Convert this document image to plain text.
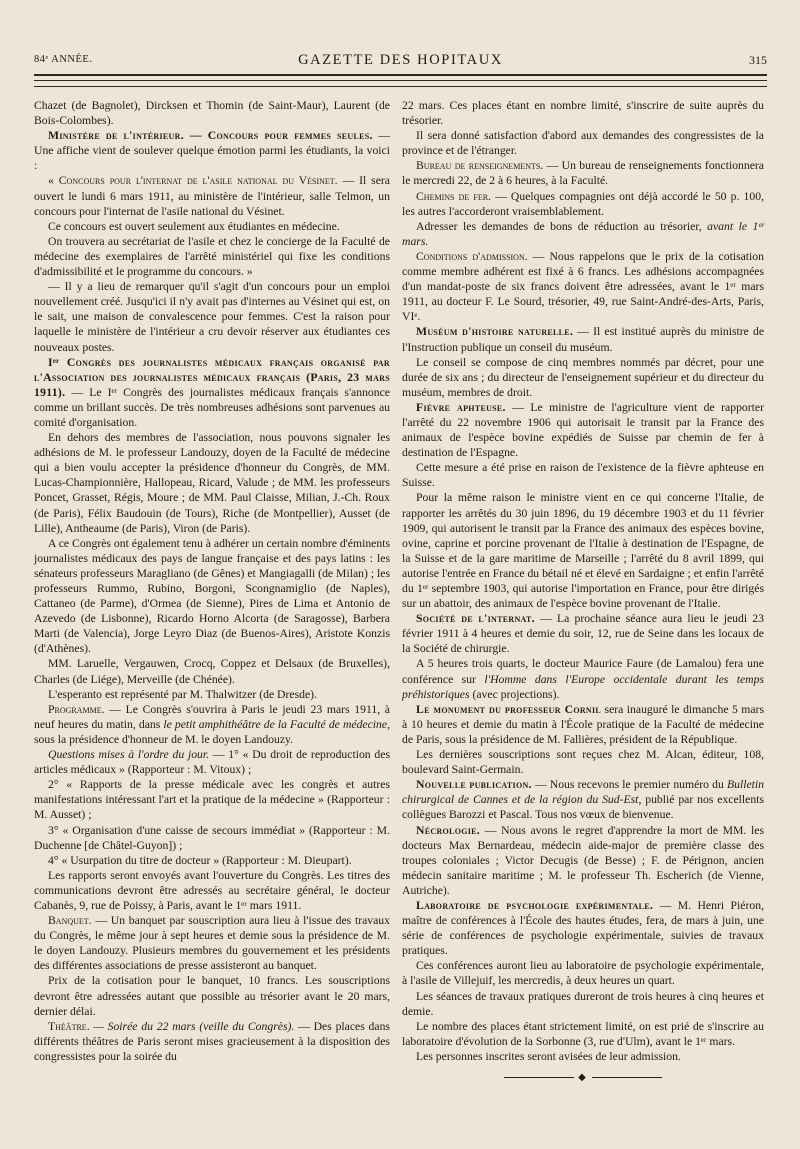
84ᵉ ANNÉE.	GAZETTE DES HOPITAUX	315

Chazet (de Bagnolet), Dircksen et Thomin (de Saint-Maur), Laurent (de Bois-Colombes).

Ministère de l'intérieur. — Concours pour femmes seules. — Une affiche vient de soulever quelque émotion parmi les étudiants, la voici :

« Concours pour l'internat de l'asile national du Vésinet. — Il sera ouvert le lundi 6 mars 1911, au ministère de l'intérieur, salle Telmon, un concours pour l'internat de l'asile national du Vésinet.

Ce concours est ouvert seulement aux étudiantes en médecine.

On trouvera au secrétariat de l'asile et chez le concierge de la Faculté de médecine des exemplaires de l'arrêté ministériel qui fixe les conditions d'admissibilité et le programme du concours. »

— Il y a lieu de remarquer qu'il s'agit d'un concours pour un emploi nouvellement créé. Jusqu'ici il n'y avait pas d'internes au Vésinet qui est, on le sait, une maison de convalescence pour femmes. C'est la raison pour laquelle le ministère de l'intérieur a cru devoir réserver aux étudiantes ces nouveaux postes.

Iᵉʳ Congrès des journalistes médicaux français organisé par l'Association des journalistes médicaux français (Paris, 23 mars 1911). — Le Iᵉʳ Congrès des journalistes médicaux français s'annonce comme un brillant succès. De très nombreuses adhésions sont parvenues au comité d'organisation.

En dehors des membres de l'association, nous pouvons signaler les adhésions de M. le professeur Landouzy, doyen de la Faculté de médecine qui a bien voulu accepter la présidence d'honneur du Congrès, de MM. Lucas-Championnière, Hallopeau, Ricard, Valude ; de MM. les professeurs Poncet, Grasset, Régis, Moure ; de MM. Paul Claisse, Milian, J.-Ch. Roux (de Paris), Félix Baudouin (de Tours), Riche (de Montpellier), Ausset (de Lille), Antheaume (de Paris), Viron (de Paris).

A ce Congrès ont également tenu à adhérer un certain nombre d'éminents journalistes médicaux des pays de langue française et des pays latins : les sénateurs professeurs Maragliano (de Gênes) et Mangiagalli (de Milan) ; les professeurs Rummo, Rubino, Borgoni, Scongnamiglio (de Naples), Cattaneo (de Parme), d'Ormea (de Sienne), Pires de Lima et Antonio de Azevedo (de Lisbonne), Ricardo Horno Alcorta (de Saragosse), Barbera Marti (de Valencia), Jorge Leyro Diaz (de Buenos-Aires), Aristote Konzis (d'Athènes).

MM. Laruelle, Vergauwen, Crocq, Coppez et Delsaux (de Bruxelles), Charles (de Liége), Merveille (de Chénée).

L'esperanto est représenté par M. Thalwitzer (de Dresde).

Programme. — Le Congrès s'ouvrira à Paris le jeudi 23 mars 1911, à neuf heures du matin, dans le petit amphithéâtre de la Faculté de médecine, sous la présidence d'honneur de M. le doyen Landouzy.

Questions mises à l'ordre du jour. — 1° « Du droit de reproduction des articles médicaux » (Rapporteur : M. Vitoux) ;

2° « Rapports de la presse médicale avec les congrès et autres manifestations intéressant l'art et la pratique de la médecine » (Rapporteur : M. Ausset) ;

3° « Organisation d'une caisse de secours immédiat » (Rapporteur : M. Duchenne [de Châtel-Guyon]) ;

4° « Usurpation du titre de docteur » (Rapporteur : M. Dieupart).

Les rapports seront envoyés avant l'ouverture du Congrès. Les titres des communications devront être adressés au secrétaire général, le docteur Cabanès, 9, rue de Poissy, à Paris, avant le 1ᵉʳ mars 1911.

Banquet. — Un banquet par souscription aura lieu à l'issue des travaux du Congrès, le même jour à sept heures et demie sous la présidence de M. le doyen Landouzy. Plusieurs membres du gouvernement et les présidents des différentes associations de presse assisteront au banquet.

Prix de la cotisation pour le banquet, 10 francs. Les souscriptions devront être adressées autant que possible au trésorier avant le 20 mars, dernier délai.

Théâtre. — Soirée du 22 mars (veille du Congrès). — Des places dans différents théâtres de Paris seront mises gracieusement à la disposition des congressistes pour la soirée du

22 mars. Ces places étant en nombre limité, s'inscrire de suite auprès du trésorier.

Il sera donné satisfaction d'abord aux demandes des congressistes de la province et de l'étranger.

Bureau de renseignements. — Un bureau de renseignements fonctionnera le mercredi 22, de 2 à 6 heures, à la Faculté.

Chemins de fer. — Quelques compagnies ont déjà accordé le 50 p. 100, les autres l'accorderont vraisemblablement.

Adresser les demandes de bons de réduction au trésorier, avant le 1ᵉʳ mars.

Conditions d'admission. — Nous rappelons que le prix de la cotisation comme membre adhérent est fixé à 6 francs. Les adhésions accompagnées d'un mandat-poste de six francs doivent être adressées, avant le 1ᵉʳ mars 1911, au docteur F. Le Sourd, trésorier, 49, rue Saint-André-des-Arts, Paris, VIᵉ.

Muséum d'histoire naturelle. — Il est institué auprès du ministre de l'Instruction publique un conseil du muséum.

Le conseil se compose de cinq membres nommés par décret, pour une durée de six ans ; du directeur de l'enseignement supérieur et du directeur du muséum, membres de droit.

Fièvre aphteuse. — Le ministre de l'agriculture vient de rapporter l'arrêté du 22 novembre 1906 qui autorisait le transit par la France des animaux de l'espèce bovine expédiés de Suisse par chemin de fer à destination de l'Espagne.

Cette mesure a été prise en raison de l'existence de la fièvre aphteuse en Suisse.

Pour la même raison le ministre vient en ce qui concerne l'Italie, de rapporter les arrêtés du 30 juin 1896, du 19 décembre 1903 et du 11 février 1909, qui autorisent le transit par la France des animaux des espèces bovine, ovine, caprine et porcine provenant de l'Italie à destination de l'Espagne, de la Suisse et de la gare maritime de Marseille ; l'arrêté du 8 avril 1899, qui autorise l'entrée en France du bétail né et élevé en Sardaigne ; et enfin l'arrêté du 1ᵉʳ septembre 1903, qui autorise l'importation en France, pour être dirigés sur un abattoir, des animaux de l'espèce bovine provenant de l'Italie.

Société de l'internat. — La prochaine séance aura lieu le jeudi 23 février 1911 à 4 heures et demie du soir, 12, rue de Seine dans les locaux de la Société de chirurgie.

A 5 heures trois quarts, le docteur Maurice Faure (de Lamalou) fera une conférence sur l'Homme dans l'Europe occidentale durant les temps préhistoriques (avec projections).

Le monument du professeur Cornil sera inauguré le dimanche 5 mars à 10 heures et demie du matin à l'École pratique de la Faculté de médecine de Paris, sous la présidence de M. Fallières, président de la République.

Les dernières souscriptions sont reçues chez M. Alcan, éditeur, 108, boulevard Saint-Germain.

Nouvelle publication. — Nous recevons le premier numéro du Bulletin chirurgical de Cannes et de la région du Sud-Est, publié par nos excellents collègues Barozzi et Pascal. Tous nos vœux de bienvenue.

Nécrologie. — Nous avons le regret d'apprendre la mort de MM. les docteurs Max Bernardeau, médecin aide-major de première classe des troupes coloniales ; Victor Decugis (de Besse) ; F. de Pérignon, ancien médecin sanitaire maritime ; M. le professeur Th. Escherich (de Vienne, Autriche).

Laboratoire de psychologie expérimentale. — M. Henri Piéron, maître de conférences à l'École des hautes études, fera, de mars à juin, une série de conférences de psychologie expérimentale, suivies de travaux pratiques.

Ces conférences auront lieu au laboratoire de psychologie expérimentale, à l'asile de Villejuif, les mercredis, à deux heures un quart.

Les séances de travaux pratiques dureront de trois heures à cinq heures et demie.

Le nombre des places étant strictement limité, on est prié de s'inscrire au laboratoire d'évolution de la Sorbonne (3, rue d'Ulm), avant le 1ᵉʳ mars.

Les personnes inscrites seront avisées de leur admission.

◆
